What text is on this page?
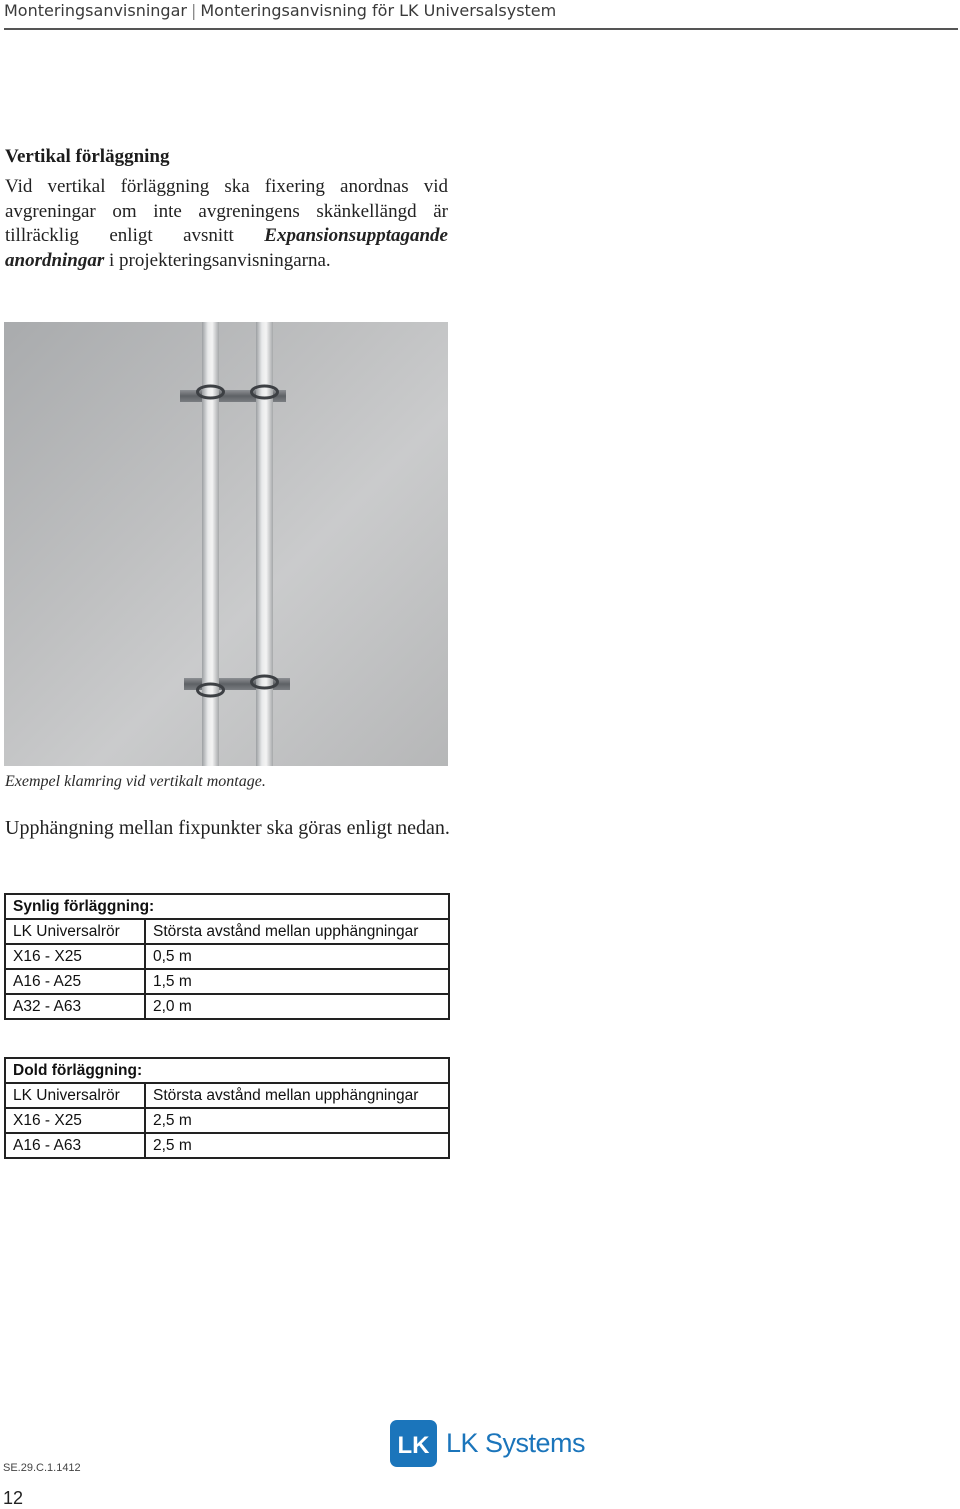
Monteringsanvisningar | Monteringsanvisning för LK Universalsystem
Vertikal förläggning
Vid vertikal förläggning ska fixering anordnas vid avgreningar om inte avgreningens skänkellängd är tillräcklig enligt avsnitt Expansionsupptagande anordningar i projekteringsanvisningarna.
Exempel klamring vid vertikalt montage.
Upphängning mellan fixpunkter ska göras enligt nedan.
Synlig förläggning:	
LK Universalrör	Största avstånd mellan upphängningar
X16 - X25	0,5 m
A16 - A25	1,5 m
A32 - A63	2,0 m
Dold förläggning:	
LK Universalrör	Största avstånd mellan upphängningar
X16 - X25	2,5 m
A16 - A63	2,5 m
LK LK Systems
SE.29.C.1.1412
12
